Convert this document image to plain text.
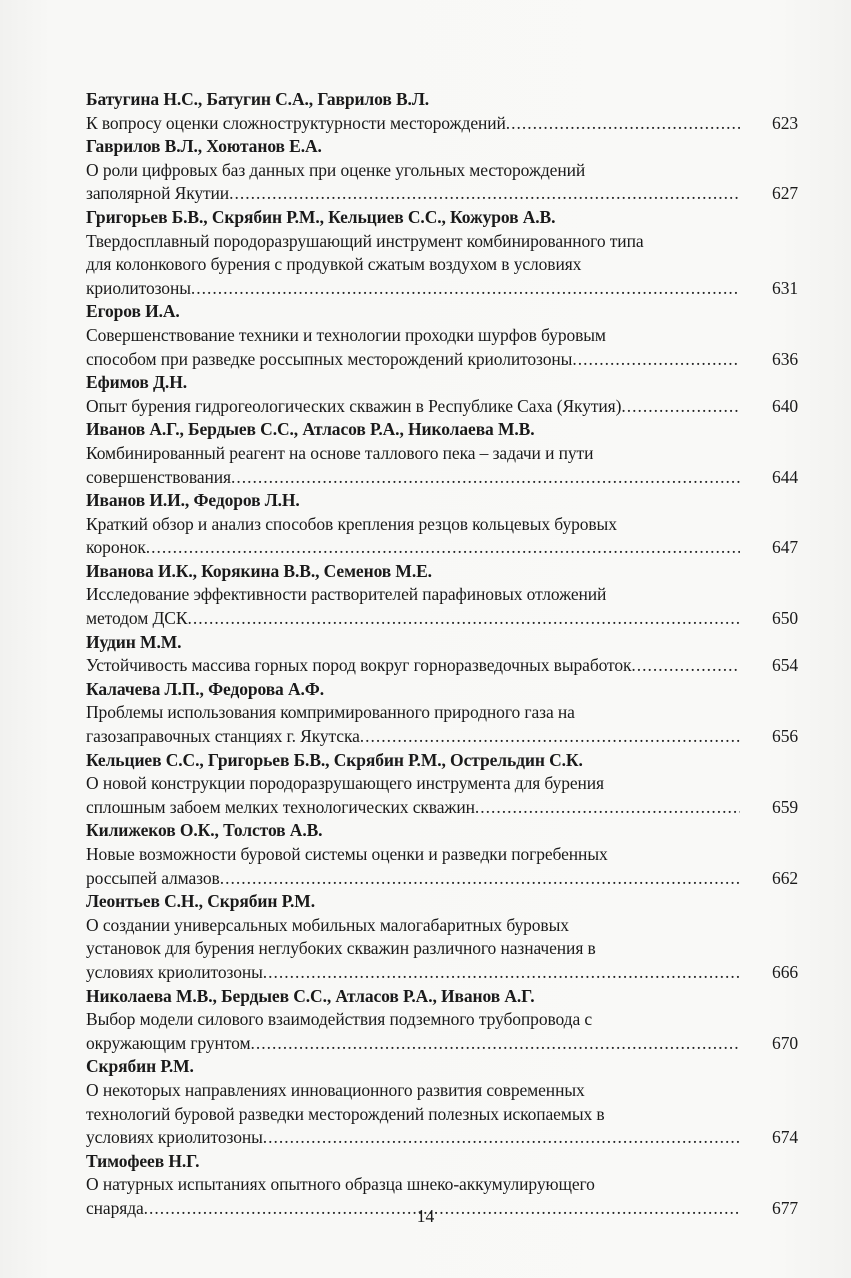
Батугина Н.С., Батугин С.А., Гаврилов В.Л.
К вопросу оценки сложноструктурности месторождений .....	623
Гаврилов В.Л., Хоютанов Е.А.
О роли цифровых баз данных при оценке угольных месторождений
заполярной Якутии .....	627
Григорьев Б.В., Скрябин Р.М., Кельциев С.С., Кожуров А.В.
Твердосплавный породоразрушающий инструмент комбинированного типа
для колонкового бурения с продувкой сжатым воздухом в условиях
криолитозоны .....	631
Егоров И.А.
Совершенствование техники и технологии проходки шурфов буровым
способом при разведке россыпных месторождений криолитозоны .....	636
Ефимов Д.Н.
Опыт бурения гидрогеологических скважин в Республике Саха (Якутия) .....	640
Иванов А.Г., Бердыев С.С., Атласов Р.А., Николаева М.В.
Комбинированный реагент на основе таллового пека – задачи и пути
совершенствования .....	644
Иванов И.И., Федоров Л.Н.
Краткий обзор и анализ способов крепления резцов кольцевых буровых
коронок .....	647
Иванова И.К., Корякина В.В., Семенов М.Е.
Исследование эффективности растворителей парафиновых отложений
методом ДСК .....	650
Иудин М.М.
Устойчивость массива горных пород вокруг горноразведочных выработок .....	654
Калачева Л.П., Федорова А.Ф.
Проблемы использования компримированного природного газа на
газозаправочных станциях г. Якутска .....	656
Кельциев С.С., Григорьев Б.В., Скрябин Р.М., Острельдин С.К.
О новой конструкции породоразрушающего инструмента для бурения
сплошным забоем мелких технологических скважин .....	659
Килижеков О.К., Толстов А.В.
Новые возможности буровой системы оценки и разведки погребенных
россыпей алмазов .....	662
Леонтьев С.Н., Скрябин Р.М.
О создании универсальных мобильных малогабаритных буровых
установок для бурения неглубоких скважин различного назначения в
условиях криолитозоны .....	666
Николаева М.В., Бердыев С.С., Атласов Р.А., Иванов А.Г.
Выбор модели силового взаимодействия подземного трубопровода с
окружающим грунтом .....	670
Скрябин Р.М.
О некоторых направлениях инновационного развития современных
технологий буровой разведки месторождений полезных ископаемых в
условиях криолитозоны .....	674
Тимофеев Н.Г.
О натурных испытаниях опытного образца шнеко-аккумулирующего
снаряда .....	677
14
